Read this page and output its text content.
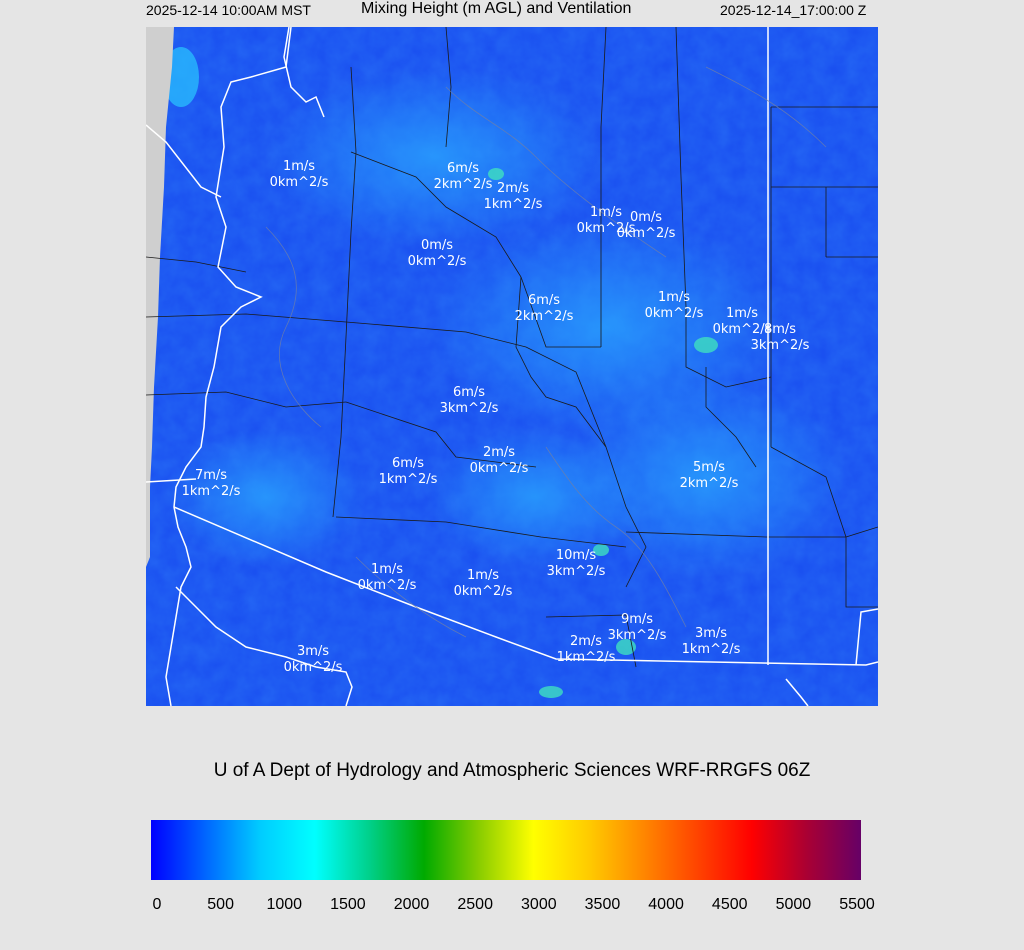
2025-12-14 10:00AM MST	Mixing Height (m AGL) and Ventilation	2025-12-14_17:00:00 Z
1m/s 0km^2/s
6m/s 2km^2/s 2m/s 1km^2/s
1m/s 0km^2/s
0m/s 0km^2/s
0m/s 0km^2/s
6m/s 2km^2/s
1m/s 0km^2/s	1m/s 0km^2/s
8m/s 3km^2/s
6m/s 3km^2/s
6m/s 1km^2/s
2m/s 0km^2/s	5m/s 2km^2/s
7m/s 1km^2/s
10m/s 3km^2/s
1m/s 0km^2/s
1m/s 0km^2/s
9m/s 3km^2/s
2m/s 1km^2/s
3m/s 1km^2/s
3m/s 0km^2/s
U of A Dept of Hydrology and Atmospheric Sciences WRF-RRGFS 06Z
0	500 1000 1500 2000 2500 3000 3500 4000 4500 5000 5500
